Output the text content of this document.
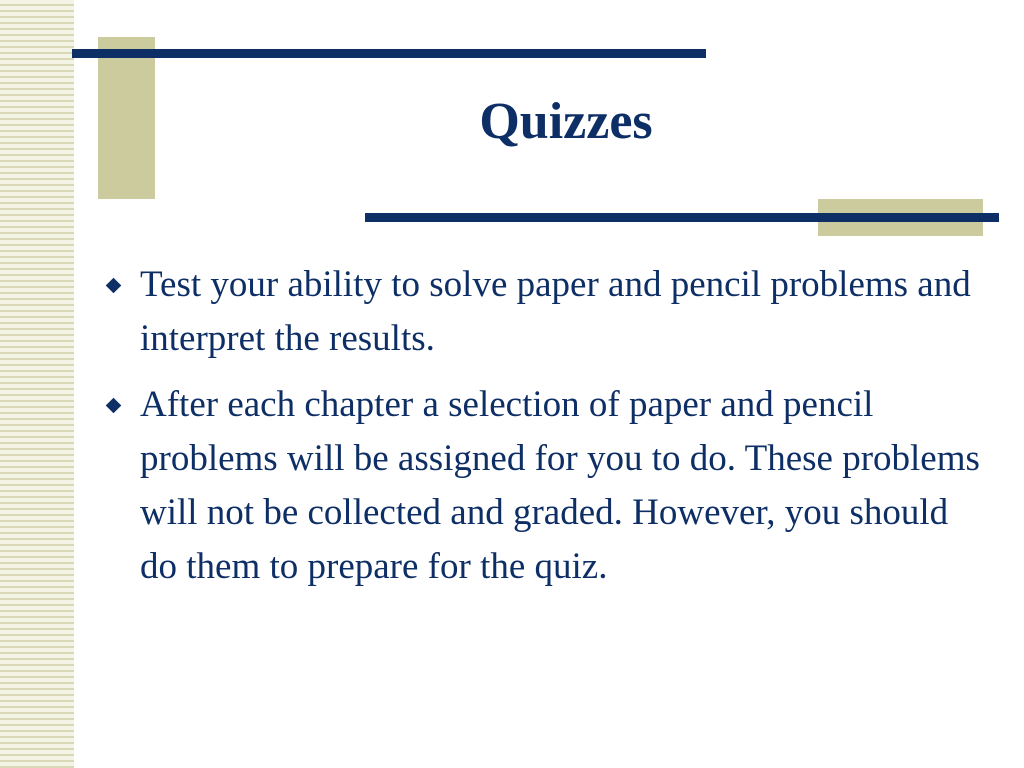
Quizzes
Test your ability to solve paper and pencil problems and interpret the results.
After each chapter a selection of paper and pencil problems will be assigned for you to do. These problems will not be collected and graded. However, you should do them to prepare for the quiz.
